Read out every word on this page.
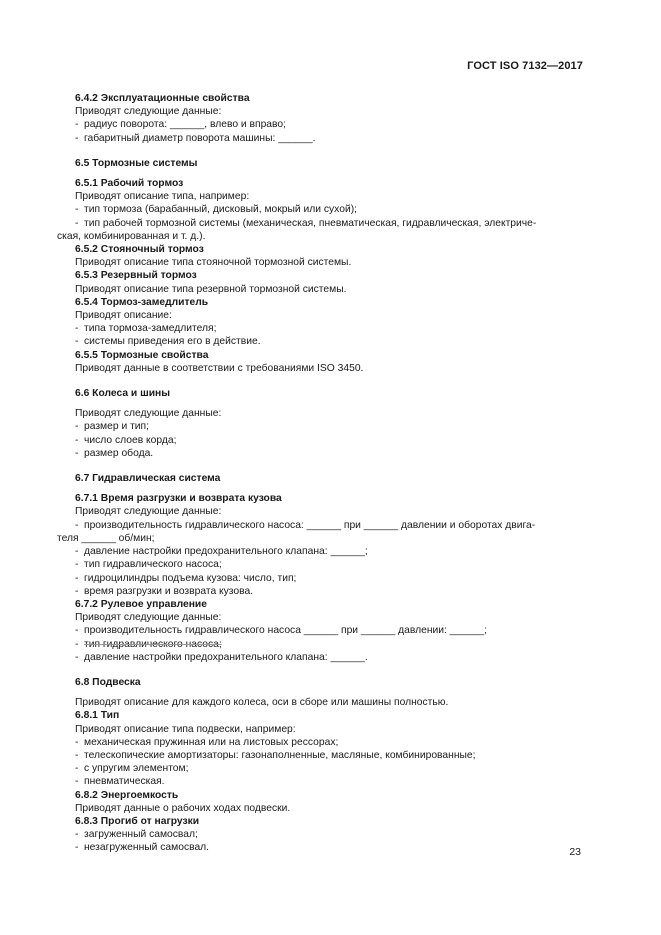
ГОСТ ISO 7132—2017

6.4.2 Эксплуатационные свойства

Приводят следующие данные:

- радиус поворота: ______, влево и вправо;

- габаритный диаметр поворота машины: ______.

6.5 Тормозные системы

6.5.1 Рабочий тормоз

Приводят описание типа, например:

- тип тормоза (барабанный, дисковый, мокрый или сухой);

- тип рабочей тормозной системы (механическая, пневматическая, гидравлическая, электриче-
ская, комбинированная и т. д.).

6.5.2 Стояночный тормоз

Приводят описание типа стояночной тормозной системы.

6.5.3 Резервный тормоз

Приводят описание типа резервной тормозной системы.

6.5.4 Тормоз-замедлитель

Приводят описание:

- типа тормоза-замедлителя;

- системы приведения его в действие.

6.5.5 Тормозные свойства

Приводят данные в соответствии с требованиями ISO 3450.

6.6 Колеса и шины

Приводят следующие данные:

- размер и тип;

- число слоев корда;

- размер обода.

6.7 Гидравлическая система

6.7.1 Время разгрузки и возврата кузова

Приводят следующие данные:

- производительность гидравлического насоса: ______ при ______ давлении и оборотах двига-
теля ______ об/мин;

- давление настройки предохранительного клапана: ______;

- тип гидравлического насоса;

- гидроцилиндры подъема кузова: число, тип;

- время разгрузки и возврата кузова.

6.7.2 Рулевое управление

Приводят следующие данные:

- производительность гидравлического насоса ______ при ______ давлении: ______;

- тип гидравлического насоса;

- давление настройки предохранительного клапана: ______.

6.8 Подвеска

Приводят описание для каждого колеса, оси в сборе или машины полностью.

6.8.1 Тип

Приводят описание типа подвески, например:

- механическая пружинная или на листовых рессорах;

- телескопические амортизаторы: газонаполненные, масляные, комбинированные;

- с упругим элементом;

- пневматическая.

6.8.2 Энергоемкость

Приводят данные о рабочих ходах подвески.

6.8.3 Прогиб от нагрузки

- загруженный самосвал;

- незагруженный самосвал.	23
